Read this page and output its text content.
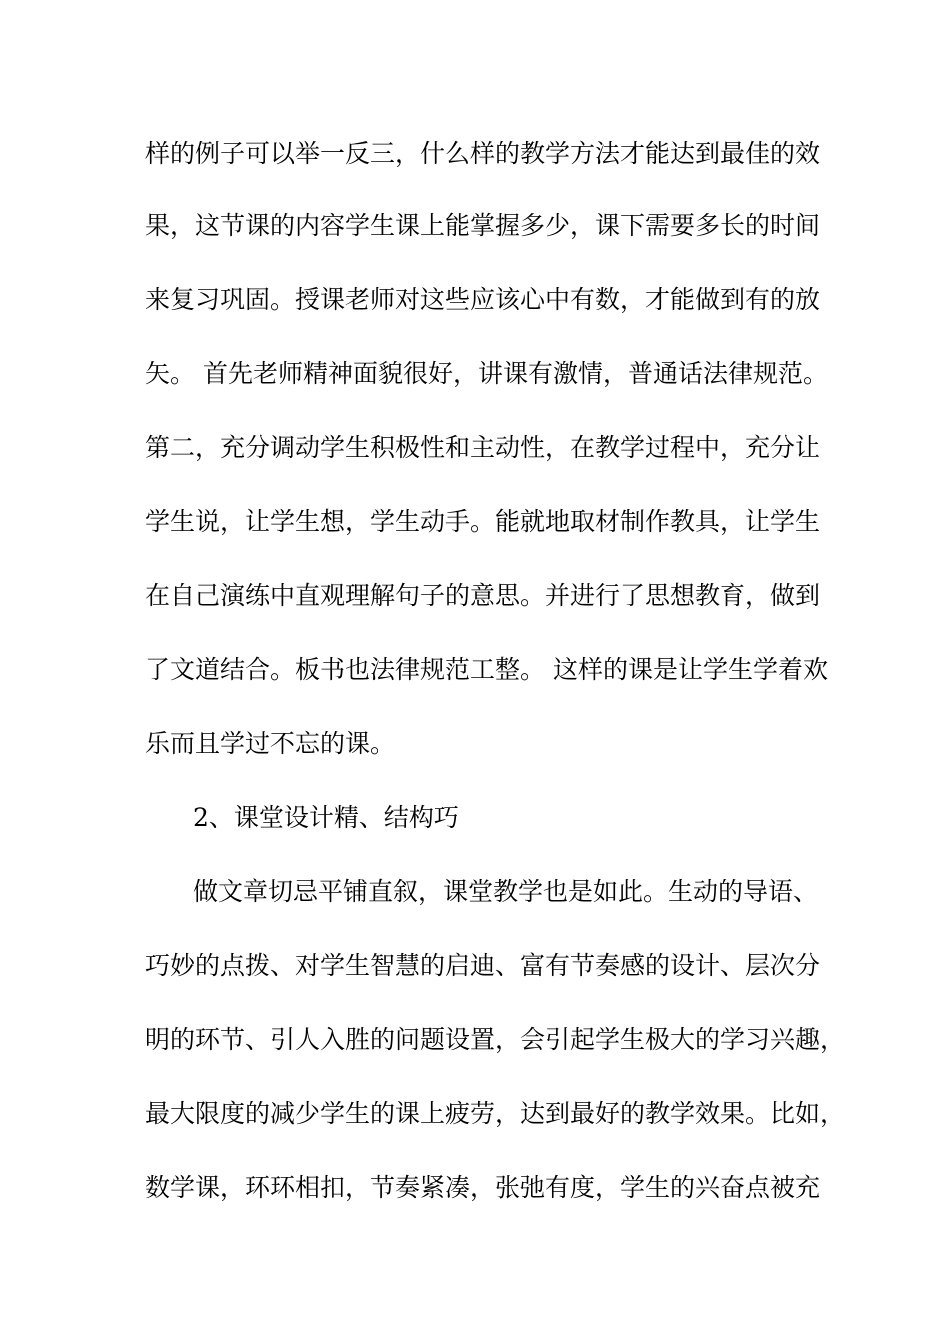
样的例子可以举一反三，什么样的教学方法才能达到最佳的效
果，这节课的内容学生课上能掌握多少，课下需要多长的时间
来复习巩固。授课老师对这些应该心中有数，才能做到有的放
矢。 首先老师精神面貌很好，讲课有激情，普通话法律规范。
第二，充分调动学生积极性和主动性，在教学过程中，充分让
学生说，让学生想，学生动手。能就地取材制作教具，让学生
在自己演练中直观理解句子的意思。并进行了思想教育，做到
了文道结合。板书也法律规范工整。 这样的课是让学生学着欢
乐而且学过不忘的课。
2、课堂设计精、结构巧
做文章切忌平铺直叙，课堂教学也是如此。生动的导语、
巧妙的点拨、对学生智慧的启迪、富有节奏感的设计、层次分
明的环节、引人入胜的问题设置，会引起学生极大的学习兴趣，
最大限度的减少学生的课上疲劳，达到最好的教学效果。比如，
数学课，环环相扣，节奏紧凑，张弛有度，学生的兴奋点被充
